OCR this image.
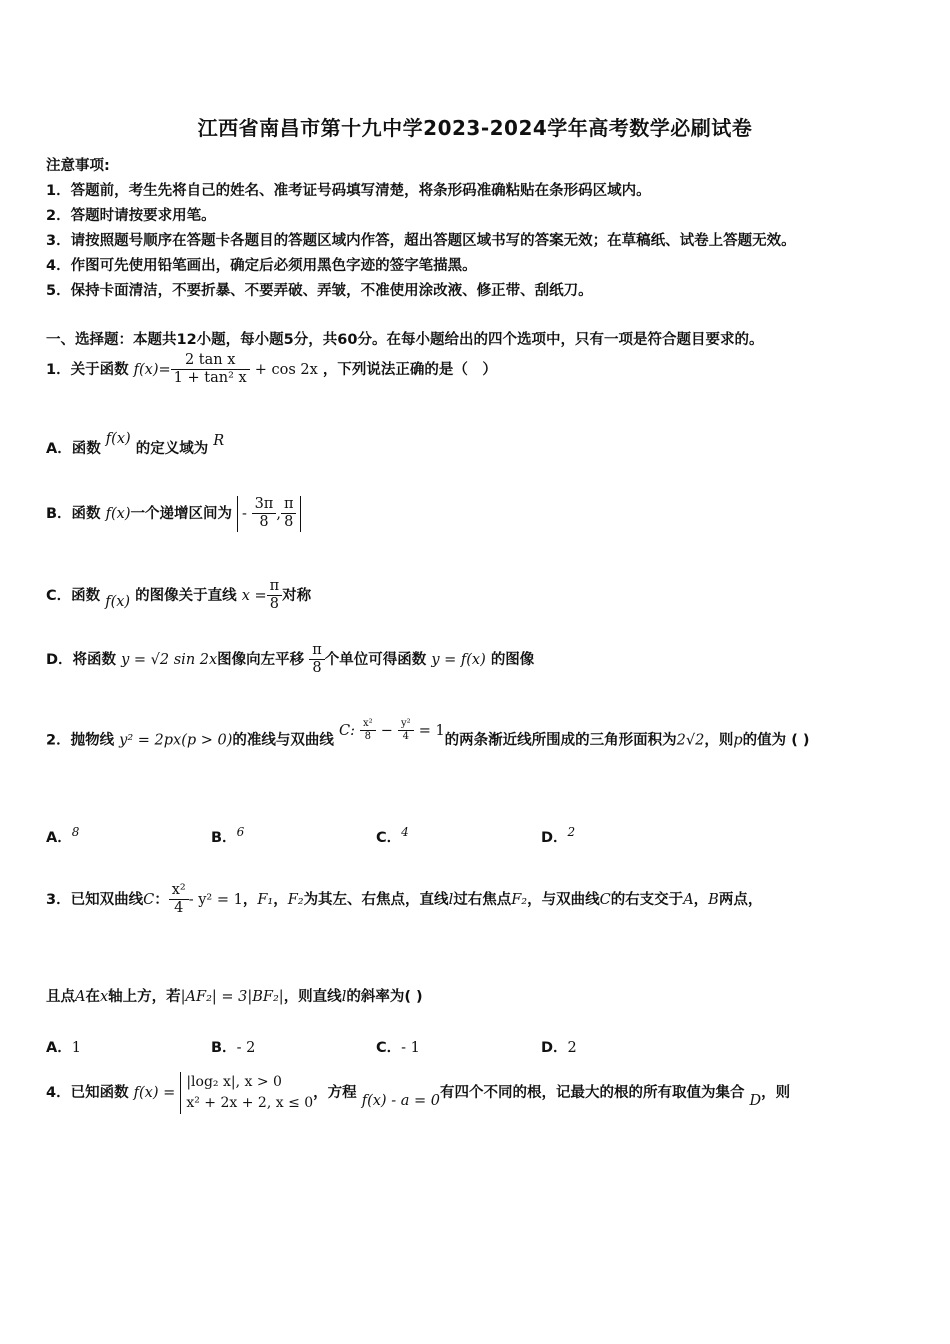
江西省南昌市第十九中学2023-2024学年高考数学必刷试卷
注意事项:
1．答题前，考生先将自己的姓名、准考证号码填写清楚，将条形码准确粘贴在条形码区域内。
2．答题时请按要求用笔。
3．请按照题号顺序在答题卡各题目的答题区域内作答，超出答题区域书写的答案无效；在草稿纸、试卷上答题无效。
4．作图可先使用铅笔画出，确定后必须用黑色字迹的签字笔描黑。
5．保持卡面清洁，不要折暴、不要弄破、弄皱，不准使用涂改液、修正带、刮纸刀。
一、选择题：本题共12小题，每小题5分，共60分。在每小题给出的四个选项中，只有一项是符合题目要求的。
1．关于函数 $f(x)= \frac{\text{2 tan x}}{\text{1 + tan² x}} + \cos 2x$ ，下列说法正确的是（　）
A．函数 f(x) 的定义域为 R
B．函数 f(x)一个递增区间为 - $\frac{3\pi}{8}$ , $\frac{\pi}{8}$
C．函数 f(x) 的图像关于直线 $x = \frac{\pi}{8}$ 对称
D．将函数 y = √2 sin 2x图像向左平移 $\frac{\pi}{8}$ 个单位可得函数 y = f(x) 的图像
2．抛物线 y² = 2px(p > 0)的准线与双曲线 C: $\frac{\text{x²}}{8} - \frac{\text{y²}}{4} = 1$的两条渐近线所围成的三角形面积为2√2，则p的值为 ( )
A．$^8$	B．$^6$	C．$^4$	D．$^2$
3．已知双曲线C： $\frac{\text{x²}}{4} - y^2 = 1$，F₁，F₂为其左、右焦点，直线l过右焦点F₂，与双曲线C的右支交于A，B两点，
且点A在x轴上方，若|AF₂| = 3|BF₂|，则直线l的斜率为( )
A．1	B．- 2	C．- 1	D．2
4．已知函数 f(x) =
|log₂ x|, x > 0
x² + 2x + 2, x ≤ 0
，方程 f(x) - a = 0有四个不同的根，记最大的根的所有取值为集合 D，则
